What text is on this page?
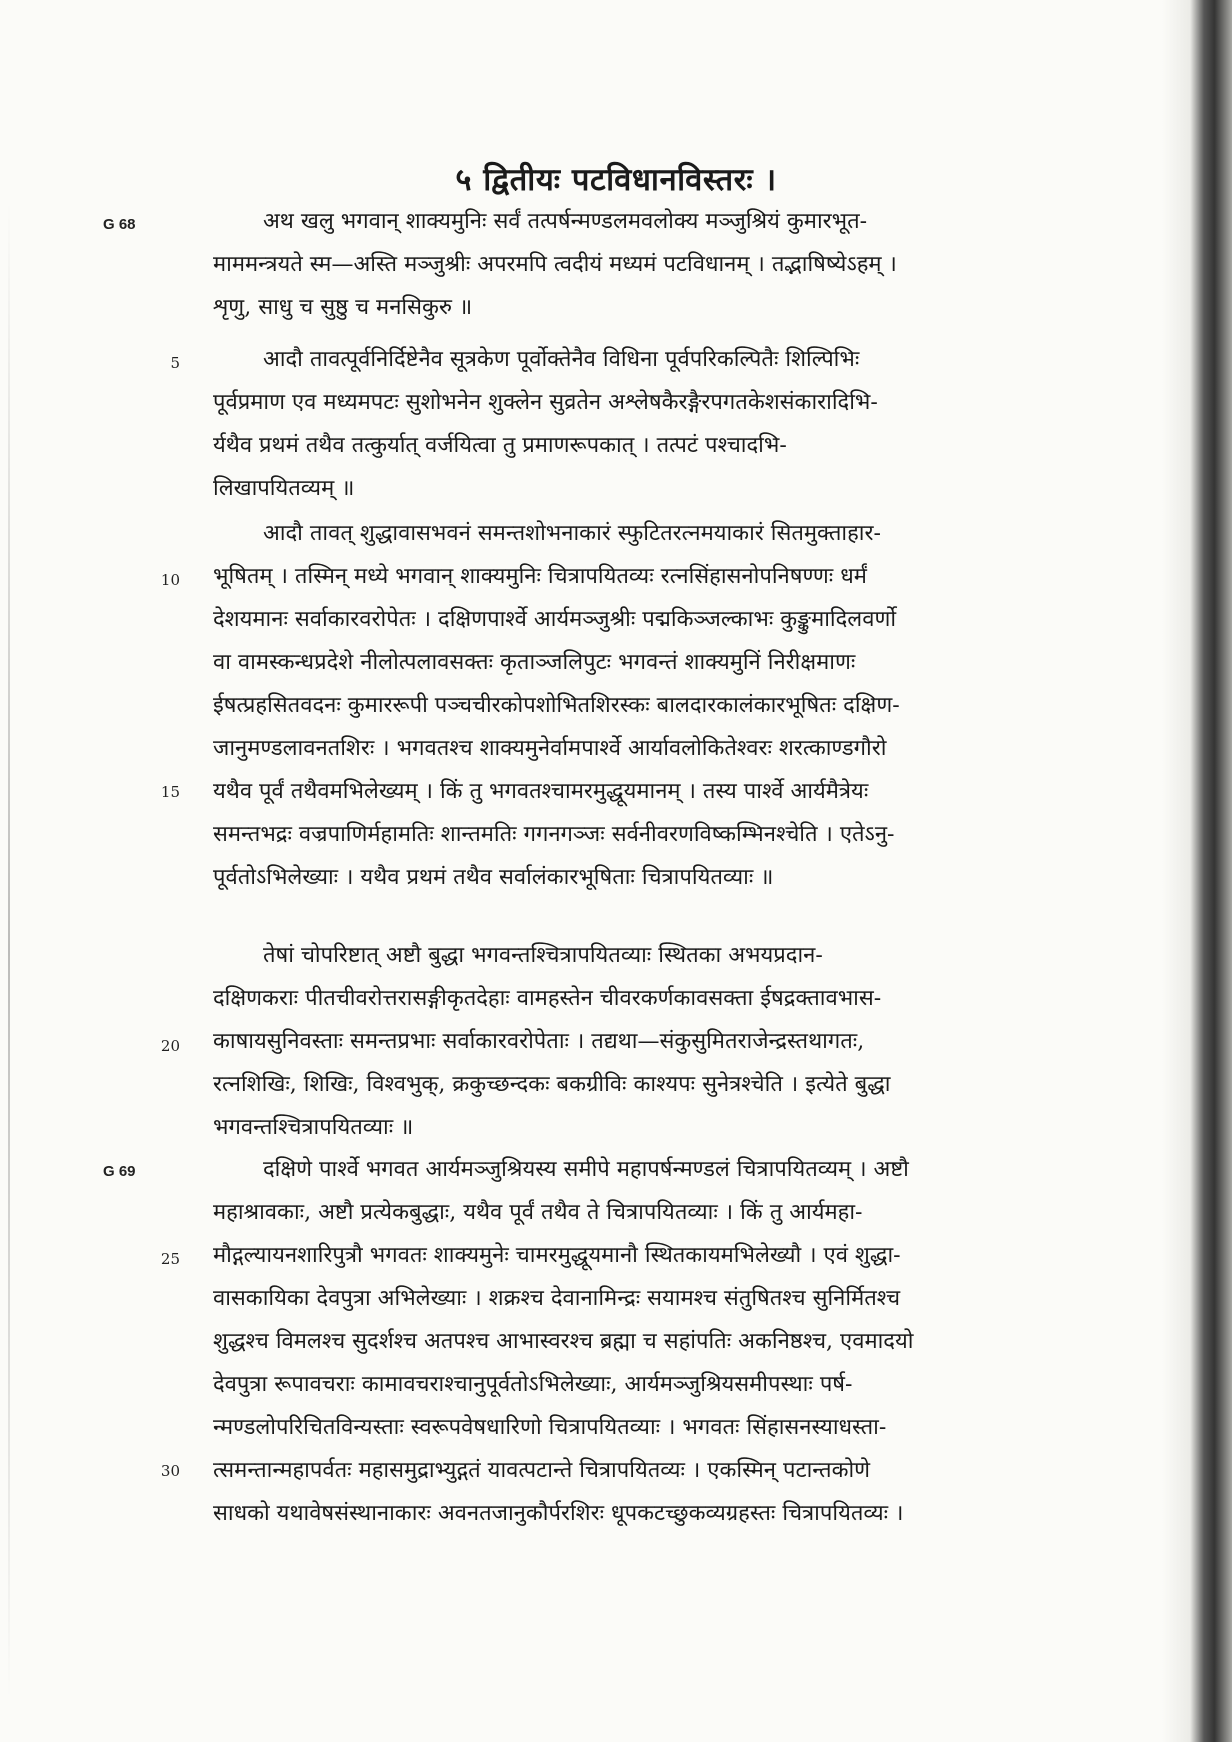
५ द्वितीयः पटविधानविस्तरः ।
G 68
G 69
5
10
15
20
25
30
अथ खलु भगवान् शाक्यमुनिः सर्वं तत्पर्षन्मण्डलमवलोक्य मञ्जुश्रियं कुमारभूत-
माममन्त्रयते स्म—अस्ति मञ्जुश्रीः अपरमपि त्वदीयं मध्यमं पटविधानम् । तद्भाषिष्येऽहम् ।
शृणु, साधु च सुष्ठु च मनसिकुरु ॥
आदौ तावत्पूर्वनिर्दिष्टेनैव सूत्रकेण पूर्वोक्तेनैव विधिना पूर्वपरिकल्पितैः शिल्पिभिः
पूर्वप्रमाण एव मध्यमपटः सुशोभनेन शुक्लेन सुव्रतेन अश्लेषकैरङ्गैरपगतकेशसंकारादिभि-
र्यथैव प्रथमं तथैव तत्कुर्यात् वर्जयित्वा तु प्रमाणरूपकात् । तत्पटं पश्चादभि-
लिखापयितव्यम् ॥
आदौ तावत् शुद्धावासभवनं समन्तशोभनाकारं स्फुटितरत्नमयाकारं सितमुक्ताहार-
भूषितम् । तस्मिन् मध्ये भगवान् शाक्यमुनिः चित्रापयितव्यः रत्नसिंहासनोपनिषण्णः धर्मं
देशयमानः सर्वाकारवरोपेतः । दक्षिणपार्श्वे आर्यमञ्जुश्रीः पद्मकिञ्जल्काभः कुङ्कुमादिलवर्णो
वा वामस्कन्धप्रदेशे नीलोत्पलावसक्तः कृताञ्जलिपुटः भगवन्तं शाक्यमुनिं निरीक्षमाणः
ईषत्प्रहसितवदनः कुमाररूपी पञ्चचीरकोपशोभितशिरस्कः बालदारकालंकारभूषितः दक्षिण-
जानुमण्डलावनतशिरः । भगवतश्च शाक्यमुनेर्वामपार्श्वे आर्यावलोकितेश्वरः शरत्काण्डगौरो
यथैव पूर्वं तथैवमभिलेख्यम् । किं तु भगवतश्चामरमुद्धूयमानम् । तस्य पार्श्वे आर्यमैत्रेयः
समन्तभद्रः वज्रपाणिर्महामतिः शान्तमतिः गगनगञ्जः सर्वनीवरणविष्कम्भिनश्चेति । एतेऽनु-
पूर्वतोऽभिलेख्याः । यथैव प्रथमं तथैव सर्वालंकारभूषिताः चित्रापयितव्याः ॥
तेषां चोपरिष्टात् अष्टौ बुद्धा भगवन्तश्चित्रापयितव्याः स्थितका अभयप्रदान-
दक्षिणकराः पीतचीवरोत्तरासङ्गीकृतदेहाः वामहस्तेन चीवरकर्णकावसक्ता ईषद्रक्तावभास-
काषायसुनिवस्ताः समन्तप्रभाः सर्वाकारवरोपेताः । तद्यथा—संकुसुमितराजेन्द्रस्तथागतः,
रत्नशिखिः, शिखिः, विश्वभुक्, क्रकुच्छन्दकः बकग्रीविः काश्यपः सुनेत्रश्चेति । इत्येते बुद्धा
भगवन्तश्चित्रापयितव्याः ॥
दक्षिणे पार्श्वे भगवत आर्यमञ्जुश्रियस्य समीपे महापर्षन्मण्डलं चित्रापयितव्यम् । अष्टौ
महाश्रावकाः, अष्टौ प्रत्येकबुद्धाः, यथैव पूर्वं तथैव ते चित्रापयितव्याः । किं तु आर्यमहा-
मौद्गल्यायनशारिपुत्रौ भगवतः शाक्यमुनेः चामरमुद्धूयमानौ स्थितकायमभिलेख्यौ । एवं शुद्धा-
वासकायिका देवपुत्रा अभिलेख्याः । शक्रश्च देवानामिन्द्रः सयामश्च संतुषितश्च सुनिर्मितश्च
शुद्धश्च विमलश्च सुदर्शश्च अतपश्च आभास्वरश्च ब्रह्मा च सहांपतिः अकनिष्ठश्च, एवमादयो
देवपुत्रा रूपावचराः कामावचराश्चानुपूर्वतोऽभिलेख्याः, आर्यमञ्जुश्रियसमीपस्थाः पर्ष-
न्मण्डलोपरिचितविन्यस्ताः स्वरूपवेषधारिणो चित्रापयितव्याः । भगवतः सिंहासनस्याधस्ता-
त्समन्तान्महापर्वतः महासमुद्राभ्युद्गतं यावत्पटान्ते चित्रापयितव्यः । एकस्मिन् पटान्तकोणे
साधको यथावेषसंस्थानाकारः अवनतजानुकौर्परशिरः धूपकटच्छुकव्यग्रहस्तः चित्रापयितव्यः ।
